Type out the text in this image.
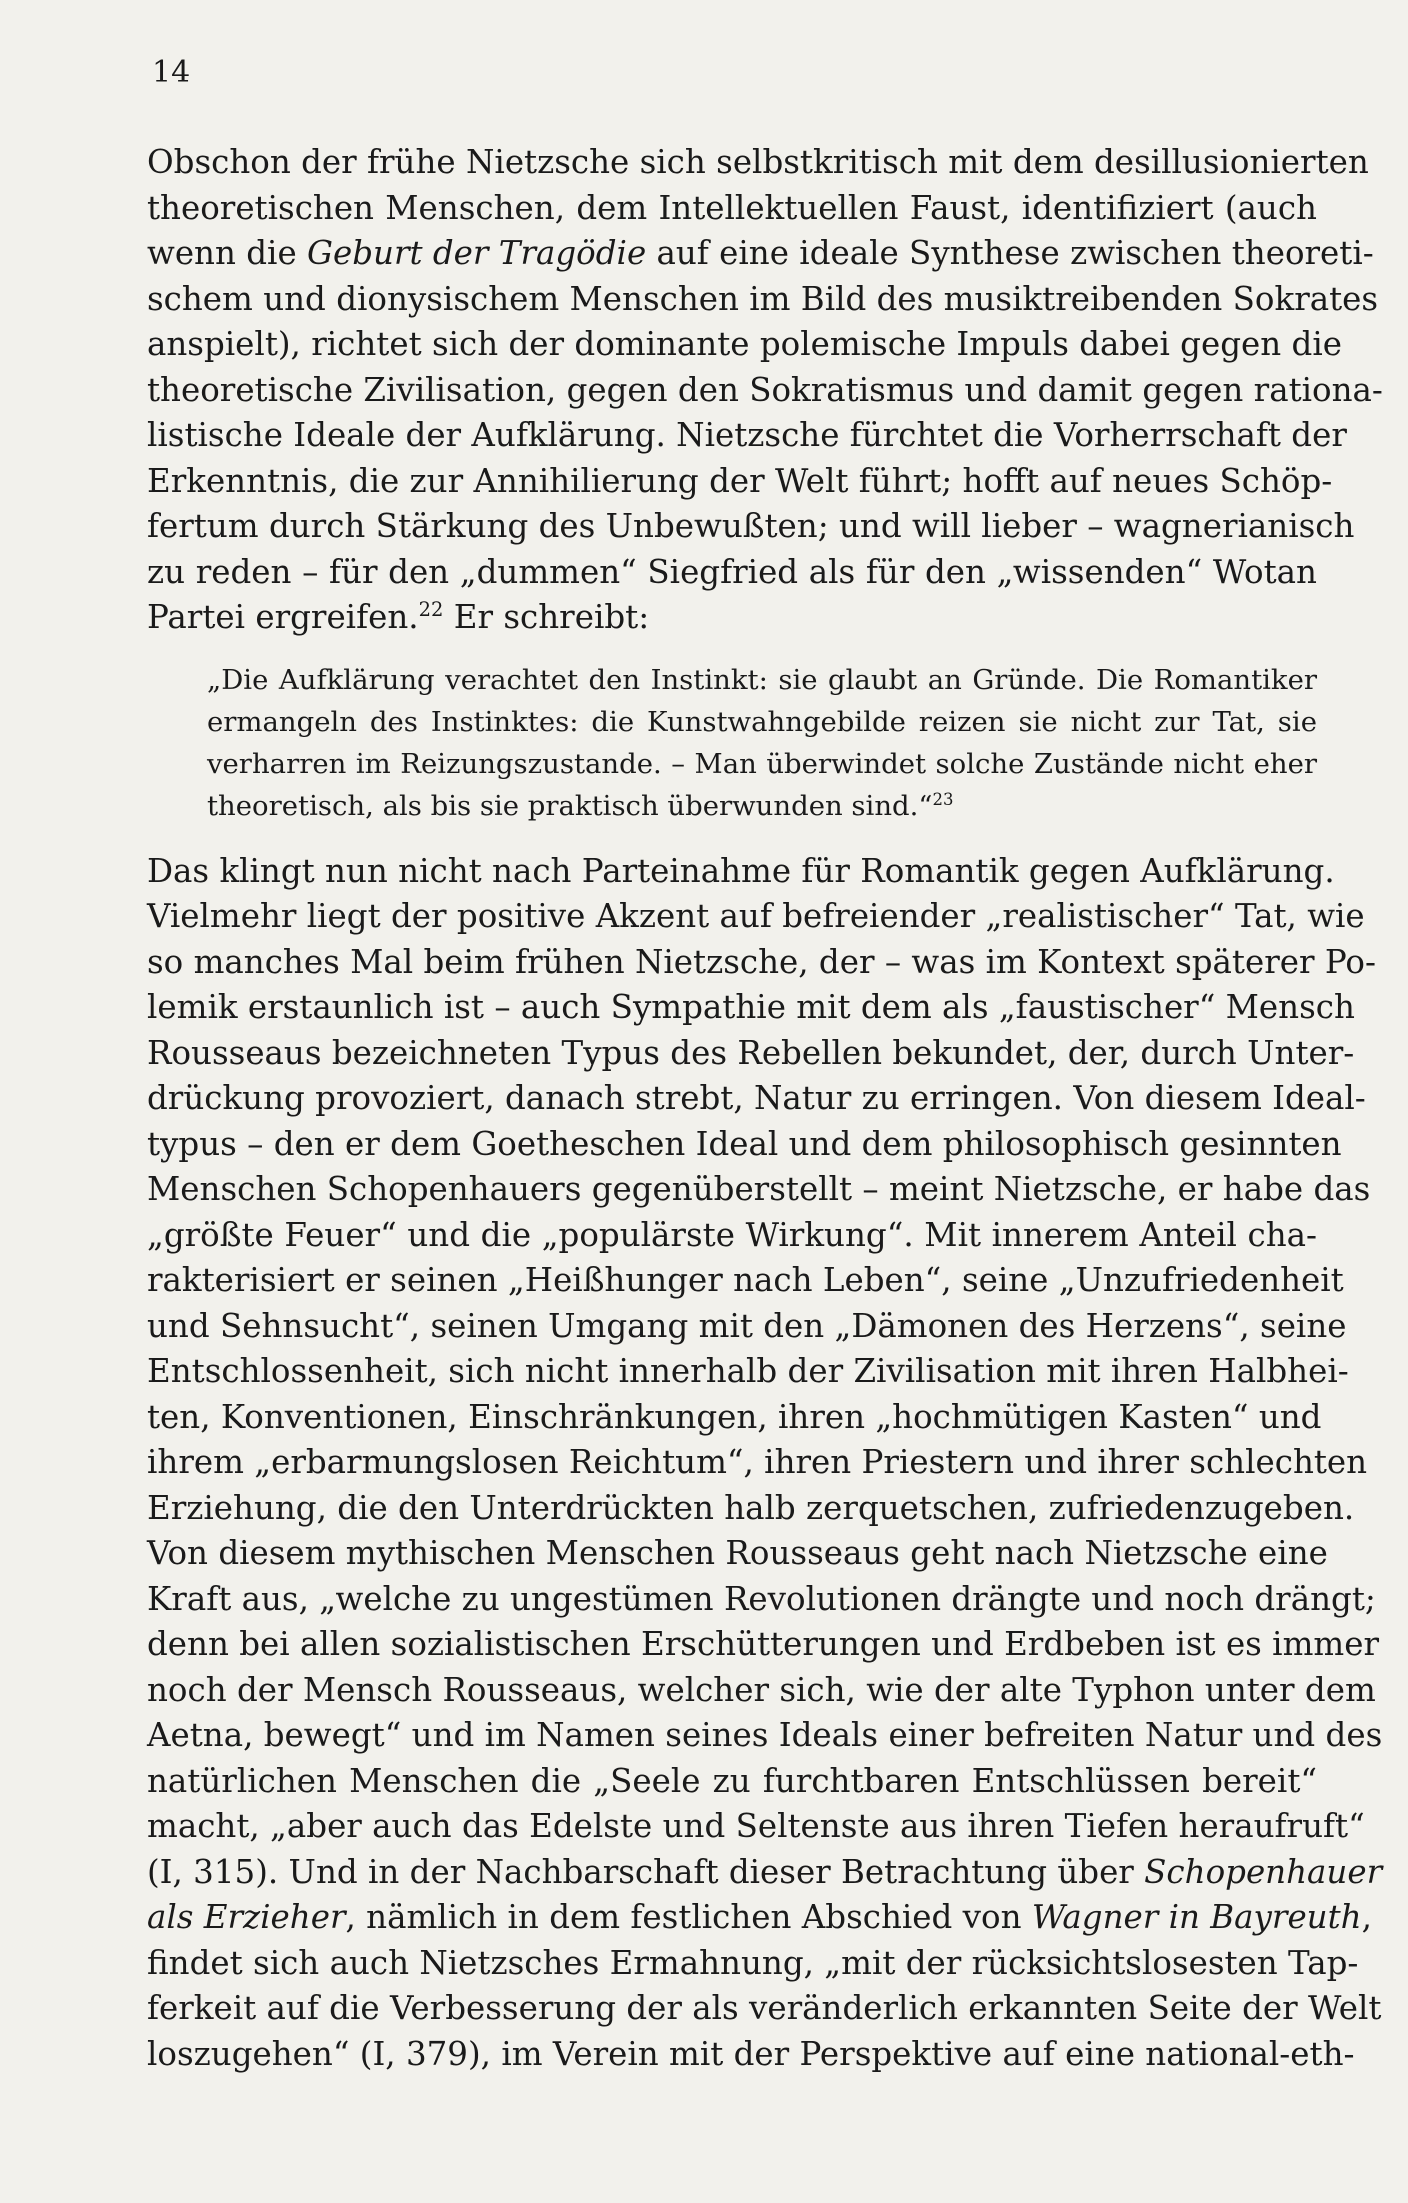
14
Obschon der frühe Nietzsche sich selbstkritisch mit dem desillusionierten
theoretischen Menschen, dem Intellektuellen Faust, identifiziert (auch
wenn die Geburt der Tragödie auf eine ideale Synthese zwischen theoreti-
schem und dionysischem Menschen im Bild des musiktreibenden Sokrates
anspielt), richtet sich der dominante polemische Impuls dabei gegen die
theoretische Zivilisation, gegen den Sokratismus und damit gegen rationa-
listische Ideale der Aufklärung. Nietzsche fürchtet die Vorherrschaft der
Erkenntnis, die zur Annihilierung der Welt führt; hofft auf neues Schöp-
fertum durch Stärkung des Unbewußten; und will lieber – wagnerianisch
zu reden – für den „dummen“ Siegfried als für den „wissenden“ Wotan
Partei ergreifen.$^{22}$ Er schreibt:
„Die Aufklärung verachtet den Instinkt: sie glaubt an Gründe. Die Romantiker
ermangeln des Instinktes: die Kunstwahngebilde reizen sie nicht zur Tat, sie
verharren im Reizungszustande. – Man überwindet solche Zustände nicht eher
theoretisch, als bis sie praktisch überwunden sind.“$^{23}$
Das klingt nun nicht nach Parteinahme für Romantik gegen Aufklärung.
Vielmehr liegt der positive Akzent auf befreiender „realistischer“ Tat, wie
so manches Mal beim frühen Nietzsche, der – was im Kontext späterer Po-
lemik erstaunlich ist – auch Sympathie mit dem als „faustischer“ Mensch
Rousseaus bezeichneten Typus des Rebellen bekundet, der, durch Unter-
drückung provoziert, danach strebt, Natur zu erringen. Von diesem Ideal-
typus – den er dem Goetheschen Ideal und dem philosophisch gesinnten
Menschen Schopenhauers gegenüberstellt – meint Nietzsche, er habe das
„größte Feuer“ und die „populärste Wirkung“. Mit innerem Anteil cha-
rakterisiert er seinen „Heißhunger nach Leben“, seine „Unzufriedenheit
und Sehnsucht“, seinen Umgang mit den „Dämonen des Herzens“, seine
Entschlossenheit, sich nicht innerhalb der Zivilisation mit ihren Halbhei-
ten, Konventionen, Einschränkungen, ihren „hochmütigen Kasten“ und
ihrem „erbarmungslosen Reichtum“, ihren Priestern und ihrer schlechten
Erziehung, die den Unterdrückten halb zerquetschen, zufriedenzugeben.
Von diesem mythischen Menschen Rousseaus geht nach Nietzsche eine
Kraft aus, „welche zu ungestümen Revolutionen drängte und noch drängt;
denn bei allen sozialistischen Erschütterungen und Erdbeben ist es immer
noch der Mensch Rousseaus, welcher sich, wie der alte Typhon unter dem
Aetna, bewegt“ und im Namen seines Ideals einer befreiten Natur und des
natürlichen Menschen die „Seele zu furchtbaren Entschlüssen bereit“
macht, „aber auch das Edelste und Seltenste aus ihren Tiefen heraufruft“
(I, 315). Und in der Nachbarschaft dieser Betrachtung über Schopenhauer
als Erzieher, nämlich in dem festlichen Abschied von Wagner in Bayreuth,
findet sich auch Nietzsches Ermahnung, „mit der rücksichtslosesten Tap-
ferkeit auf die Verbesserung der als veränderlich erkannten Seite der Welt
loszugehen“ (I, 379), im Verein mit der Perspektive auf eine national-eth-
